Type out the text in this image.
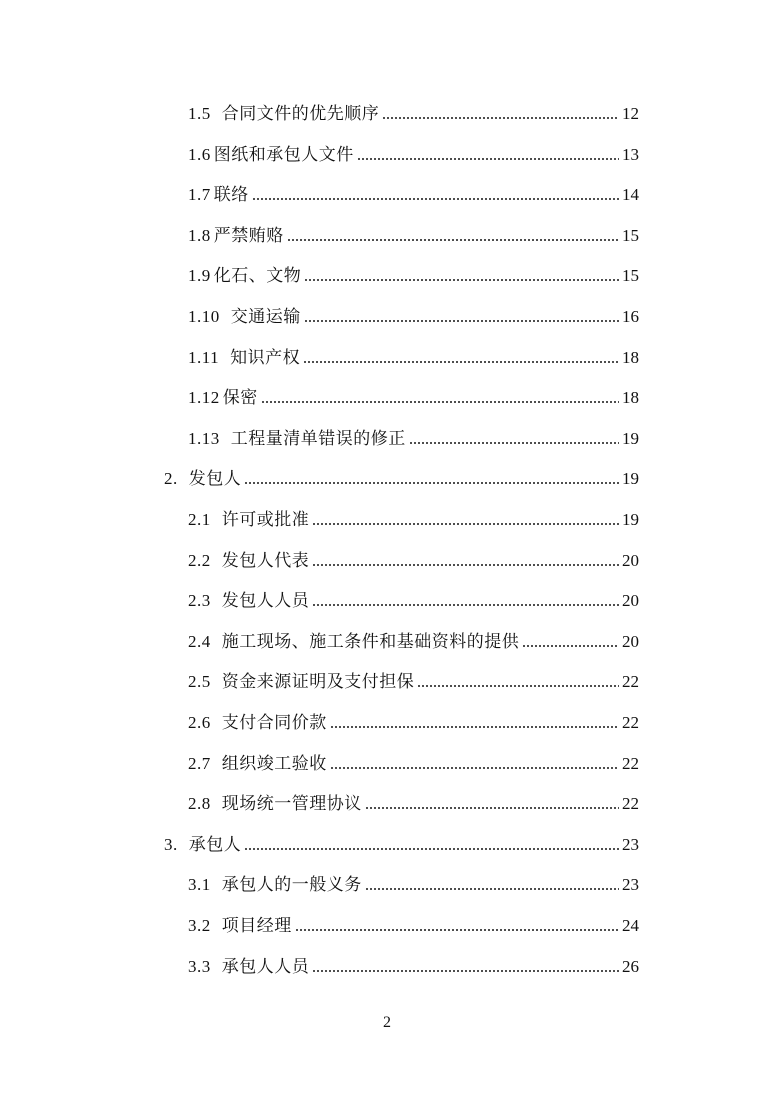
1.5 合同文件的优先顺序	12
1.6 图纸和承包人文件	13
1.7 联络	14
1.8 严禁贿赂	15
1.9 化石、文物	15
1.10 交通运输	16
1.11 知识产权	18
1.12 保密	18
1.13 工程量清单错误的修正	19
2. 发包人	19
2.1 许可或批准	19
2.2 发包人代表	20
2.3 发包人人员	20
2.4 施工现场、施工条件和基础资料的提供	20
2.5 资金来源证明及支付担保	22
2.6 支付合同价款	22
2.7 组织竣工验收	22
2.8 现场统一管理协议	22
3. 承包人	23
3.1 承包人的一般义务	23
3.2 项目经理	24
3.3 承包人人员	26
2
